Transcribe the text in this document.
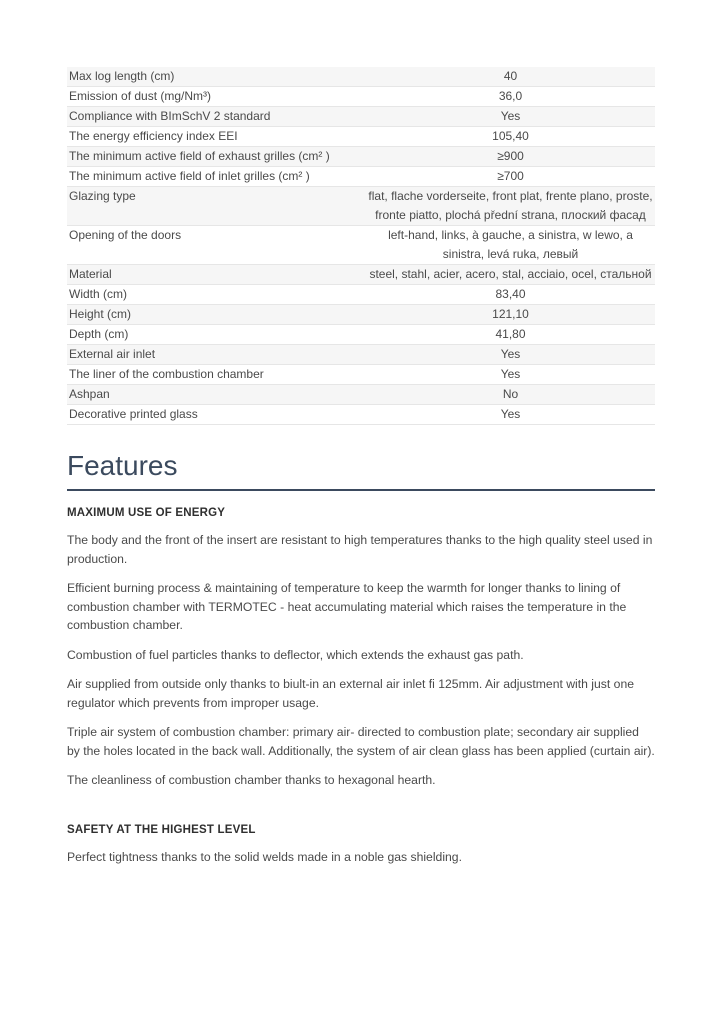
Max log length (cm)	40
Emission of dust (mg/Nm³)	36,0
Compliance with BImSchV 2 standard	Yes
The energy efficiency index EEI	105,40
The minimum active field of exhaust grilles (cm² )	≥900
The minimum active field of inlet grilles (cm² )	≥700
Glazing type	flat, flache vorderseite, front plat, frente plano, proste, fronte piatto, plochá přední strana, плоский фасад
Opening of the doors	left-hand, links, à gauche, a sinistra, w lewo, a sinistra, levá ruka, левый
Material	steel, stahl, acier, acero, stal, acciaio, ocel, стальной
Width (cm)	83,40
Height (cm)	121,10
Depth (cm)	41,80
External air inlet	Yes
The liner of the combustion chamber	Yes
Ashpan	No
Decorative printed glass	Yes
Features
MAXIMUM USE OF ENERGY

The body and the front of the insert are resistant to high temperatures thanks to the high quality steel used in production.

Efficient burning process & maintaining of temperature to keep the warmth for longer thanks to lining of combustion chamber with TERMOTEC - heat accumulating material which raises the temperature in the combustion chamber.

Combustion of fuel particles thanks to deflector, which extends the exhaust gas path.

Air supplied from outside only thanks to biult-in an external air inlet fi 125mm. Air adjustment with just one regulator which prevents from improper usage.

Triple air system of combustion chamber: primary air- directed to combustion plate; secondary air supplied by the holes located in the back wall. Additionally, the system of air clean glass has been applied (curtain air).

The cleanliness of combustion chamber thanks to hexagonal hearth.

SAFETY AT THE HIGHEST LEVEL

Perfect tightness thanks to the solid welds made in a noble gas shielding.
